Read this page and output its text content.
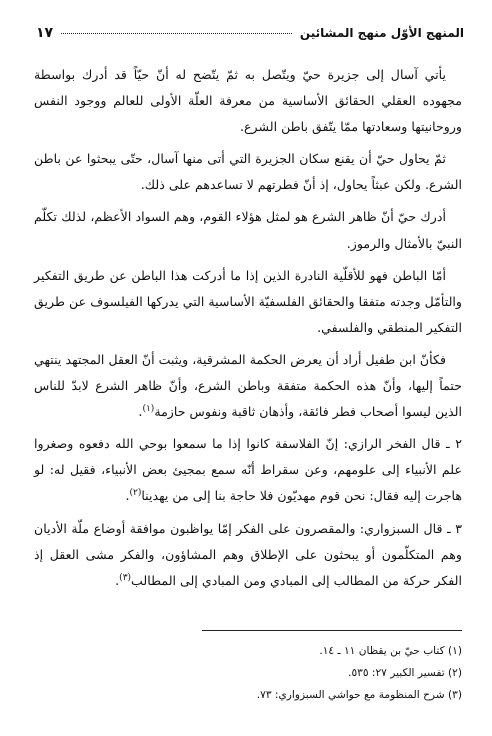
المنهج الأوّل منهج المشائين
١٧

يأتي آسال إلى جزيرة حيّ ويتّصل به ثمّ يتّضح له أنّ حيّاً قد أدرك بواسطة مجهوده العقلي الحقائق الأساسية من معرفة العلّة الأولى للعالم ووجود النفس وروحانيتها وسعادتها ممّا يتّفق باطن الشرع.

ثمّ يحاول حيّ أن يقنع سكان الجزيرة التي أتى منها آسال، حتّى يبحثوا عن باطن الشرع. ولكن عبثاً يحاول، إذ أنّ فطرتهم لا تساعدهم على ذلك.

أدرك حيّ أنّ ظاهر الشرع هو لمثل هؤلاء القوم، وهم السواد الأعظم، لذلك تكلّم النبيّ بالأمثال والرموز.

أمّا الباطن فهو للأقلّية النادرة الذين إذا ما أدركت هذا الباطن عن طريق التفكير والتأمّل وجدته متفقا والحقائق الفلسفيّة الأساسية التي يدركها الفيلسوف عن طريق التفكير المنطقي والفلسفي.

فكأنّ ابن طفيل أراد أن يعرض الحكمة المشرقية، ويثبت أنّ العقل المجتهد ينتهي حتماً إليها، وأنّ هذه الحكمة متفقة وباطن الشرع، وأنّ ظاهر الشرع لابدّ للناس الذين ليسوا أصحاب فطر فائقة، وأذهان ثاقبة ونفوس حازمة$^{(١)}$.

٢ ـ قال الفخر الرازي: إنّ الفلاسفة كانوا إذا ما سمعوا بوحي الله دفعوه وصغروا علم الأنبياء إلى علومهم، وعن سقراط أنّه سمع بمجيئ بعض الأنبياء، فقيل له: لو هاجرت إليه فقال: نحن قوم مهديّون فلا حاجة بنا إلى من يهدينا$^{(٢)}$.

٣ ـ قال السبزواري: والمقصرون على الفكر إمّا يواظبون موافقة أوضاع ملّة الأديان وهم المتكلّمون أو يبحثون على الإطلاق وهم المشاؤون، والفكر مشى العقل إذ الفكر حركة من المطالب إلى المبادي ومن المبادي إلى المطالب$^{(٣)}$.

(١) كتاب حيّ بن يقظان ١١ ـ ١٤.
(٢) تفسير الكبير ٢٧: ٥٣٥.
(٣) شرح المنظومة مع حواشي السبزواري: ٧٣.
